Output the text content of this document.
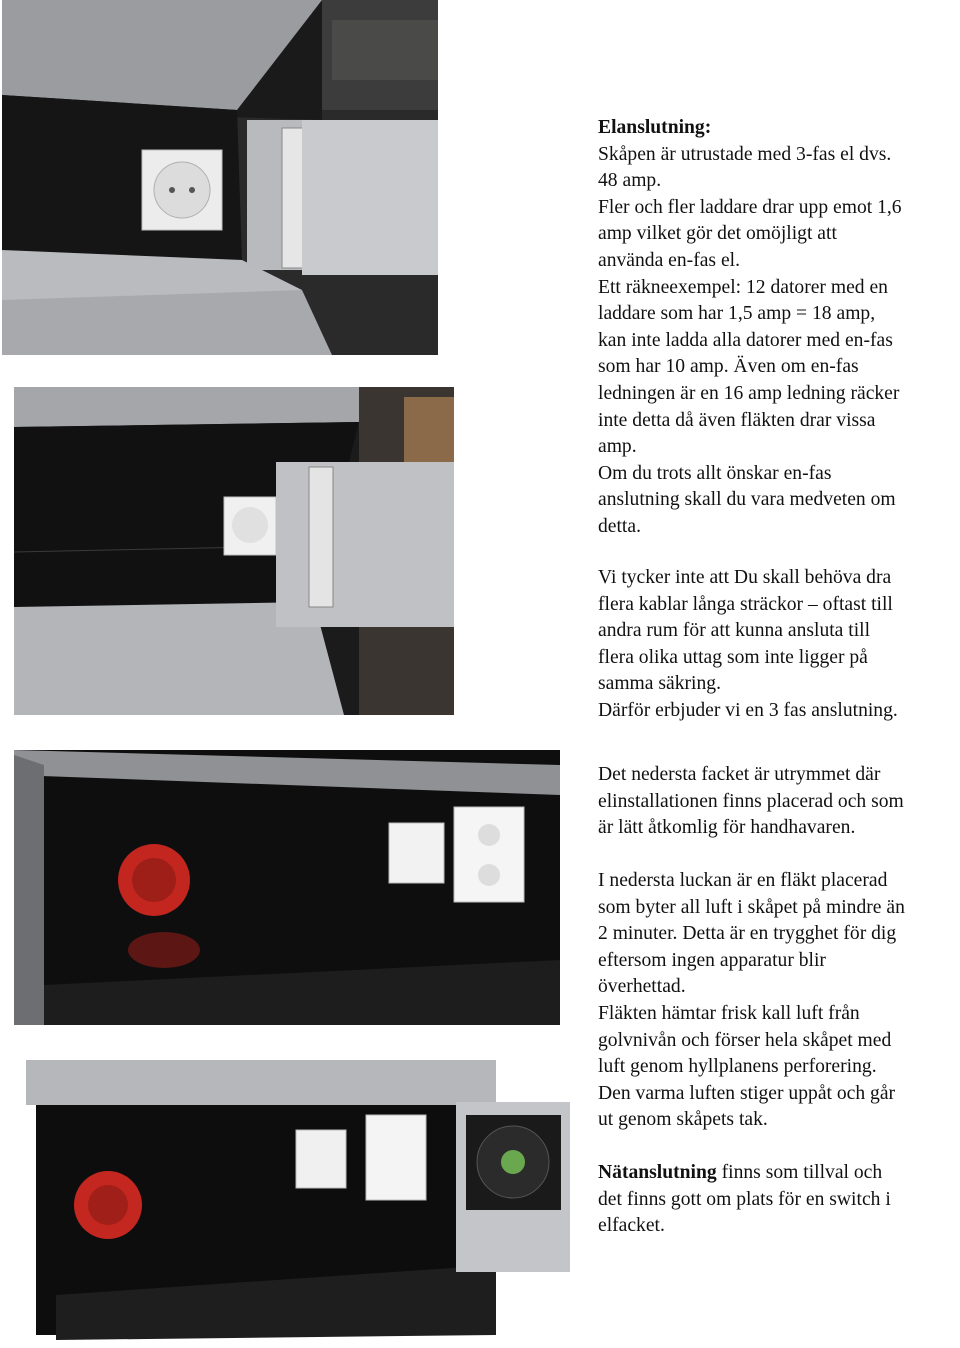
Elanslutning:

Skåpen är utrustade med 3-fas el dvs.

48 amp.

Fler och fler laddare drar upp emot 1,6

amp vilket gör det omöjligt att

använda en-fas el.

Ett räkneexempel: 12 datorer med en

laddare som har 1,5 amp = 18 amp,

kan inte ladda alla datorer med en-fas

som har 10 amp. Även om en-fas

ledningen är en 16 amp ledning räcker

inte detta då även fläkten drar vissa

amp.

Om du trots allt önskar en-fas

anslutning skall du vara medveten om

detta.

Vi tycker inte att Du skall behöva dra

flera kablar långa sträckor – oftast till

andra rum för att kunna ansluta till

flera olika uttag som inte ligger på

samma säkring.

Därför erbjuder vi en 3 fas anslutning.

Det nedersta facket är utrymmet där

elinstallationen finns placerad och som

är lätt åtkomlig för handhavaren.

I nedersta luckan är en fläkt placerad

som byter all luft i skåpet på mindre än

2 minuter. Detta är en trygghet för dig

eftersom ingen apparatur blir

överhettad.

Fläkten hämtar frisk kall luft från

golvnivån och förser hela skåpet med

luft genom hyllplanens perforering.

Den varma luften stiger uppåt och går

ut genom skåpets tak.

Nätanslutning finns som tillval och

det finns gott om plats för en switch i

elfacket.
